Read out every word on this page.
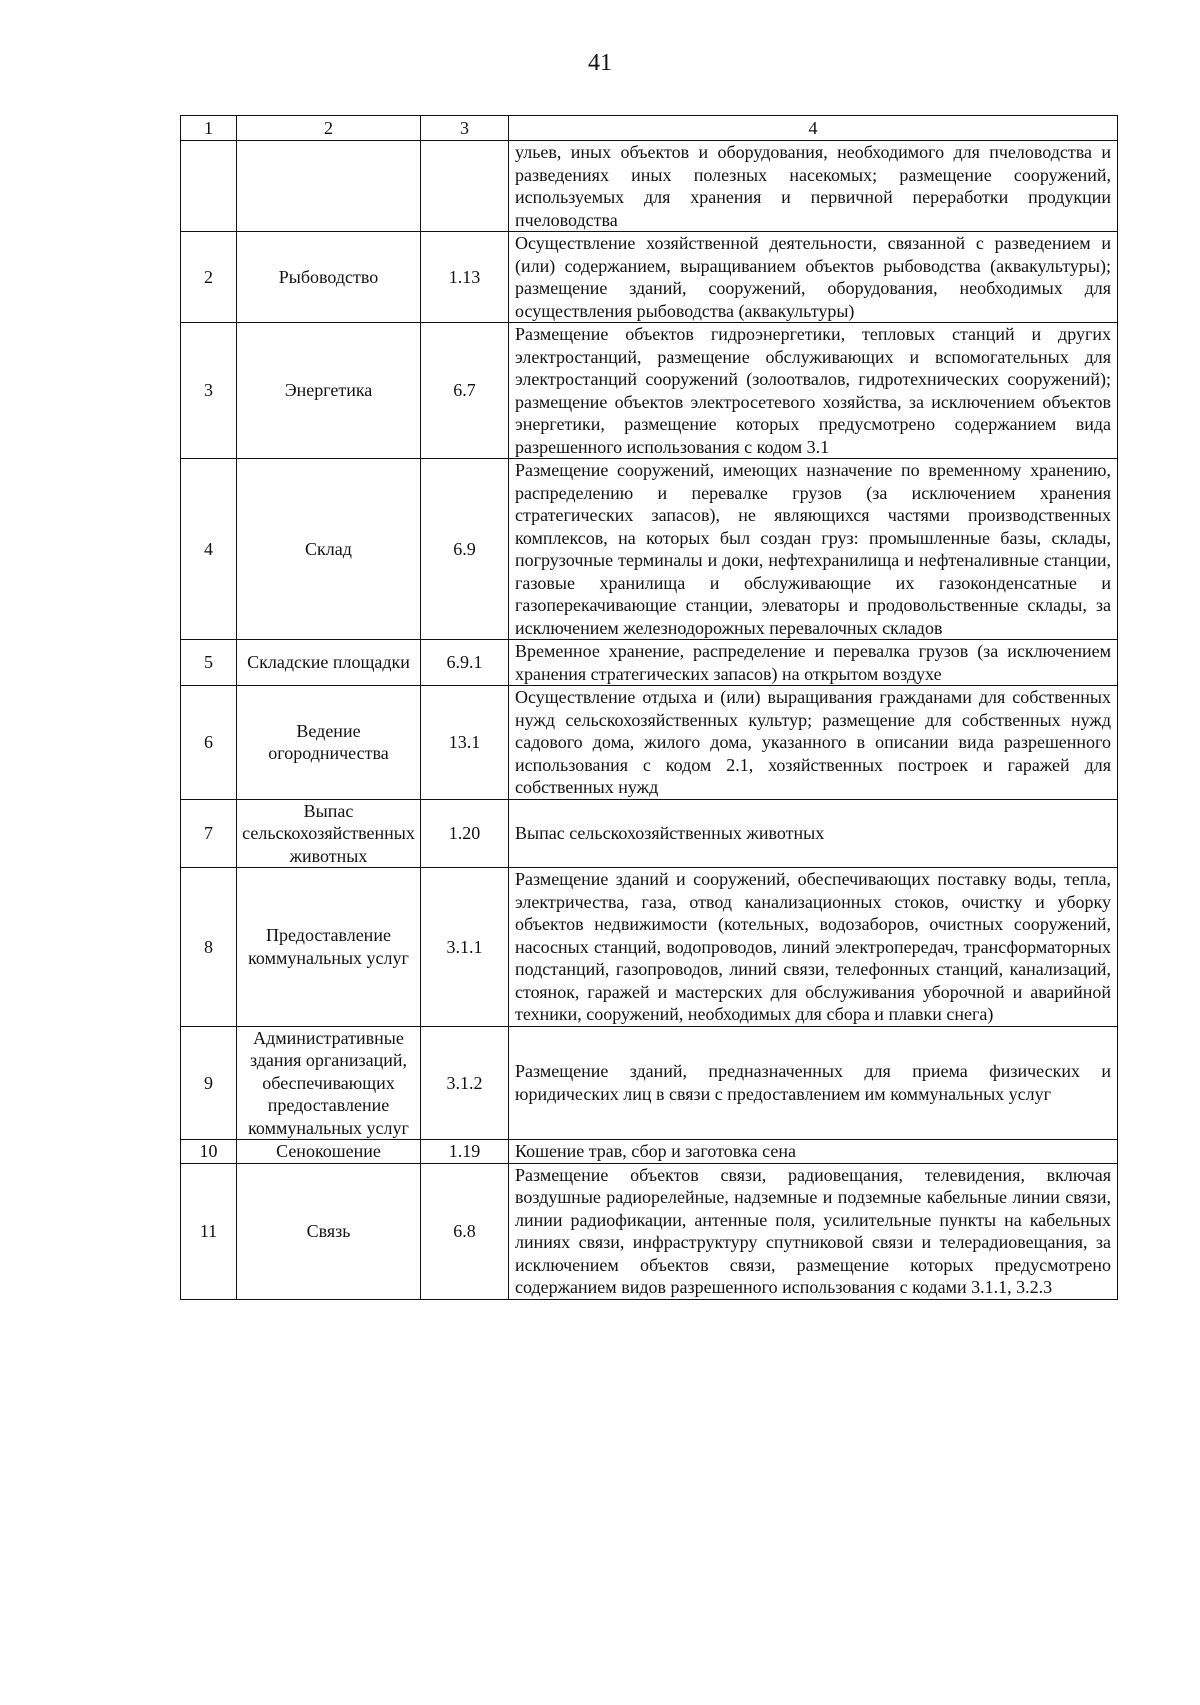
41
1	2	3	4
			ульев, иных объектов и оборудования, необходимого для пчеловодства и разведениях иных полезных насекомых; размещение сооружений, используемых для хранения и первичной переработки продукции пчеловодства
2	Рыбоводство	1.13	Осуществление хозяйственной деятельности, связанной с разведением и (или) содержанием, выращиванием объектов рыбоводства (аквакультуры); размещение зданий, сооружений, оборудования, необходимых для осуществления рыбоводства (аквакультуры)
3	Энергетика	6.7	Размещение объектов гидроэнергетики, тепловых станций и других электростанций, размещение обслуживающих и вспомогательных для электростанций сооружений (золоотвалов, гидротехнических сооружений); размещение объектов электросетевого хозяйства, за исключением объектов энергетики, размещение которых предусмотрено содержанием вида разрешенного использования с кодом 3.1
4	Склад	6.9	Размещение сооружений, имеющих назначение по временному хранению, распределению и перевалке грузов (за исключением хранения стратегических запасов), не являющихся частями производственных комплексов, на которых был создан груз: промышленные базы, склады, погрузочные терминалы и доки, нефтехранилища и нефтеналивные станции, газовые хранилища и обслуживающие их газоконденсатные и газоперекачивающие станции, элеваторы и продовольственные склады, за исключением железнодорожных перевалочных складов
5	Складские площадки	6.9.1	Временное хранение, распределение и перевалка грузов (за исключением хранения стратегических запасов) на открытом воздухе
6	Ведение огородничества	13.1	Осуществление отдыха и (или) выращивания гражданами для собственных нужд сельскохозяйственных культур; размещение для собственных нужд садового дома, жилого дома, указанного в описании вида разрешенного использования с кодом 2.1, хозяйственных построек и гаражей для собственных нужд
7	Выпас сельскохозяйственных животных	1.20	Выпас сельскохозяйственных животных
8	Предоставление коммунальных услуг	3.1.1	Размещение зданий и сооружений, обеспечивающих поставку воды, тепла, электричества, газа, отвод канализационных стоков, очистку и уборку объектов недвижимости (котельных, водозаборов, очистных сооружений, насосных станций, водопроводов, линий электропередач, трансформаторных подстанций, газопроводов, линий связи, телефонных станций, канализаций, стоянок, гаражей и мастерских для обслуживания уборочной и аварийной техники, сооружений, необходимых для сбора и плавки снега)
9	Административные здания организаций, обеспечивающих предоставление коммунальных услуг	3.1.2	Размещение зданий, предназначенных для приема физических и юридических лиц в связи с предоставлением им коммунальных услуг
10	Сенокошение	1.19	Кошение трав, сбор и заготовка сена
11	Связь	6.8	Размещение объектов связи, радиовещания, телевидения, включая воздушные радиорелейные, надземные и подземные кабельные линии связи, линии радиофикации, антенные поля, усилительные пункты на кабельных линиях связи, инфраструктуру спутниковой связи и телерадиовещания, за исключением объектов связи, размещение которых предусмотрено содержанием видов разрешенного использования с кодами 3.1.1, 3.2.3
